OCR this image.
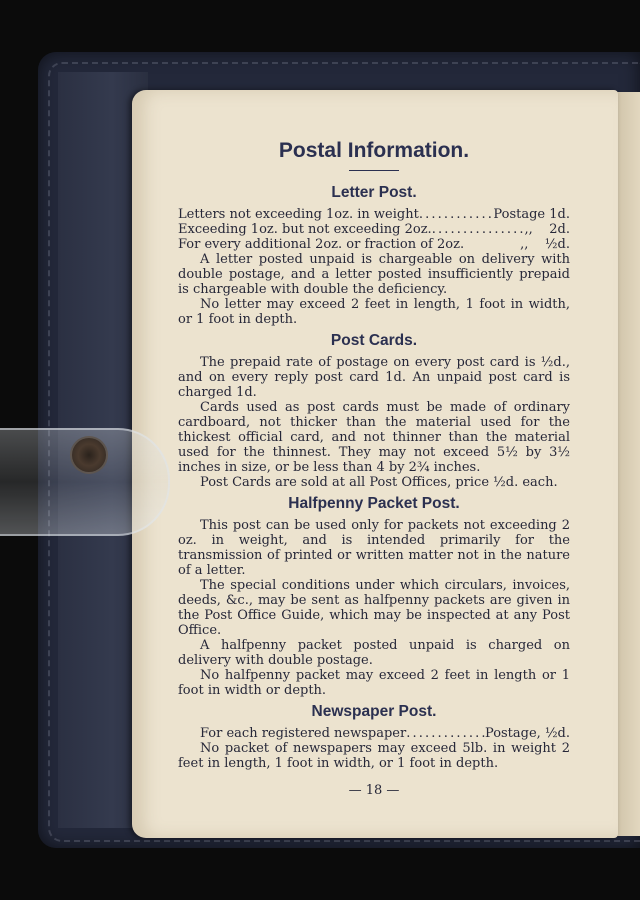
Postal Information.
Letter Post.
Letters not exceeding 1oz. in weight . . .	Postage 1d.
Exceeding 1oz. but not exceeding 2oz. . . .	,,    2d.
For every additional 2oz. or fraction of 2oz.	,,    ½d.

A letter posted unpaid is chargeable on delivery with double postage, and a letter posted insufficiently prepaid is chargeable with double the deficiency.

No letter may exceed 2 feet in length, 1 foot in width, or 1 foot in depth.

Post Cards.

The prepaid rate of postage on every post card is ½d., and on every reply post card 1d. An unpaid post card is charged 1d.

Cards used as post cards must be made of ordinary cardboard, not thicker than the material used for the thickest official card, and not thinner than the material used for the thinnest. They may not exceed 5½ by 3½ inches in size, or be less than 4 by 2¾ inches.

Post Cards are sold at all Post Offices, price ½d. each.

Halfpenny Packet Post.

This post can be used only for packets not exceeding 2 oz. in weight, and is intended primarily for the transmission of printed or written matter not in the nature of a letter.

The special conditions under which circulars, invoices, deeds, &c., may be sent as halfpenny packets are given in the Post Office Guide, which may be inspected at any Post Office.

A halfpenny packet posted unpaid is charged on delivery with double postage.

No halfpenny packet may exceed 2 feet in length or 1 foot in width or depth.

Newspaper Post.
For each registered newspaper . . .	Postage, ½d.

No packet of newspapers may exceed 5lb. in weight 2 feet in length, 1 foot in width, or 1 foot in depth.

— 18 —
